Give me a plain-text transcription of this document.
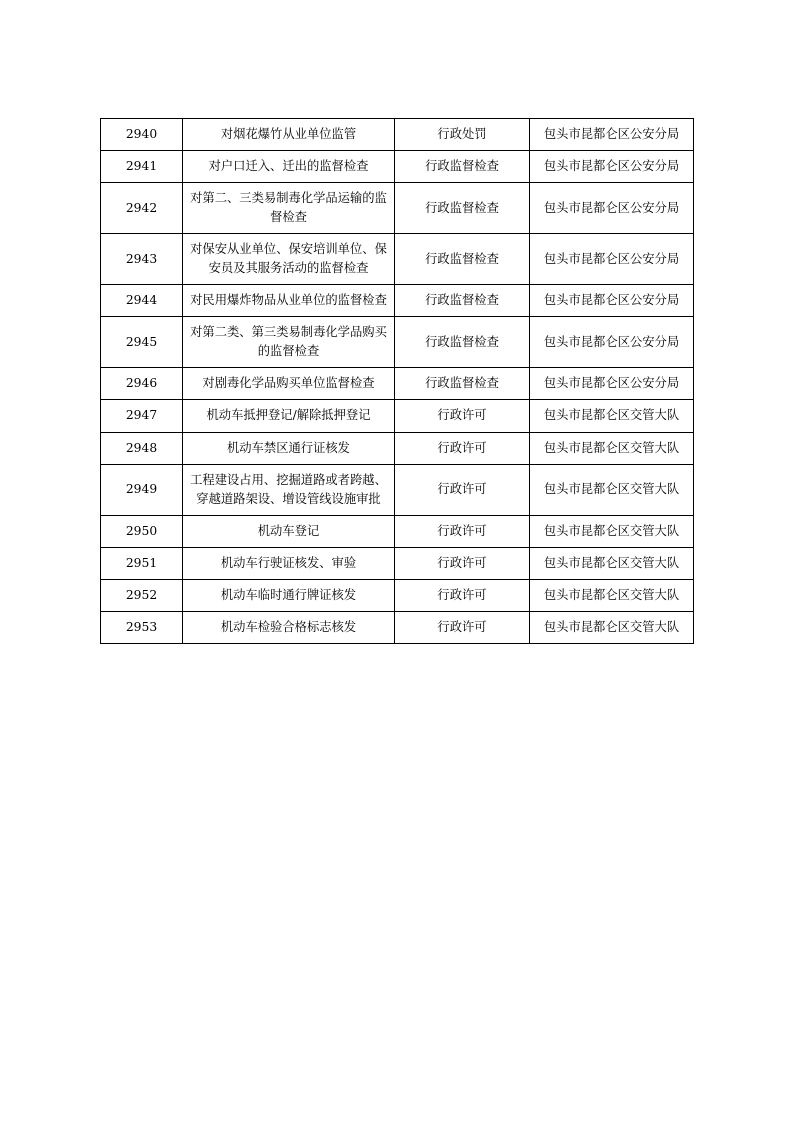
2940	对烟花爆竹从业单位监管	行政处罚	包头市昆都仑区公安分局
2941	对户口迁入、迁出的监督检查	行政监督检查	包头市昆都仑区公安分局
2942	对第二、三类易制毒化学品运输的监督检查	行政监督检查	包头市昆都仑区公安分局
2943	对保安从业单位、保安培训单位、保安员及其服务活动的监督检查	行政监督检查	包头市昆都仑区公安分局
2944	对民用爆炸物品从业单位的监督检查	行政监督检查	包头市昆都仑区公安分局
2945	对第二类、第三类易制毒化学品购买的监督检查	行政监督检查	包头市昆都仑区公安分局
2946	对剧毒化学品购买单位监督检查	行政监督检查	包头市昆都仑区公安分局
2947	机动车抵押登记/解除抵押登记	行政许可	包头市昆都仑区交管大队
2948	机动车禁区通行证核发	行政许可	包头市昆都仑区交管大队
2949	工程建设占用、挖掘道路或者跨越、穿越道路架设、增设管线设施审批	行政许可	包头市昆都仑区交管大队
2950	机动车登记	行政许可	包头市昆都仑区交管大队
2951	机动车行驶证核发、审验	行政许可	包头市昆都仑区交管大队
2952	机动车临时通行牌证核发	行政许可	包头市昆都仑区交管大队
2953	机动车检验合格标志核发	行政许可	包头市昆都仑区交管大队
